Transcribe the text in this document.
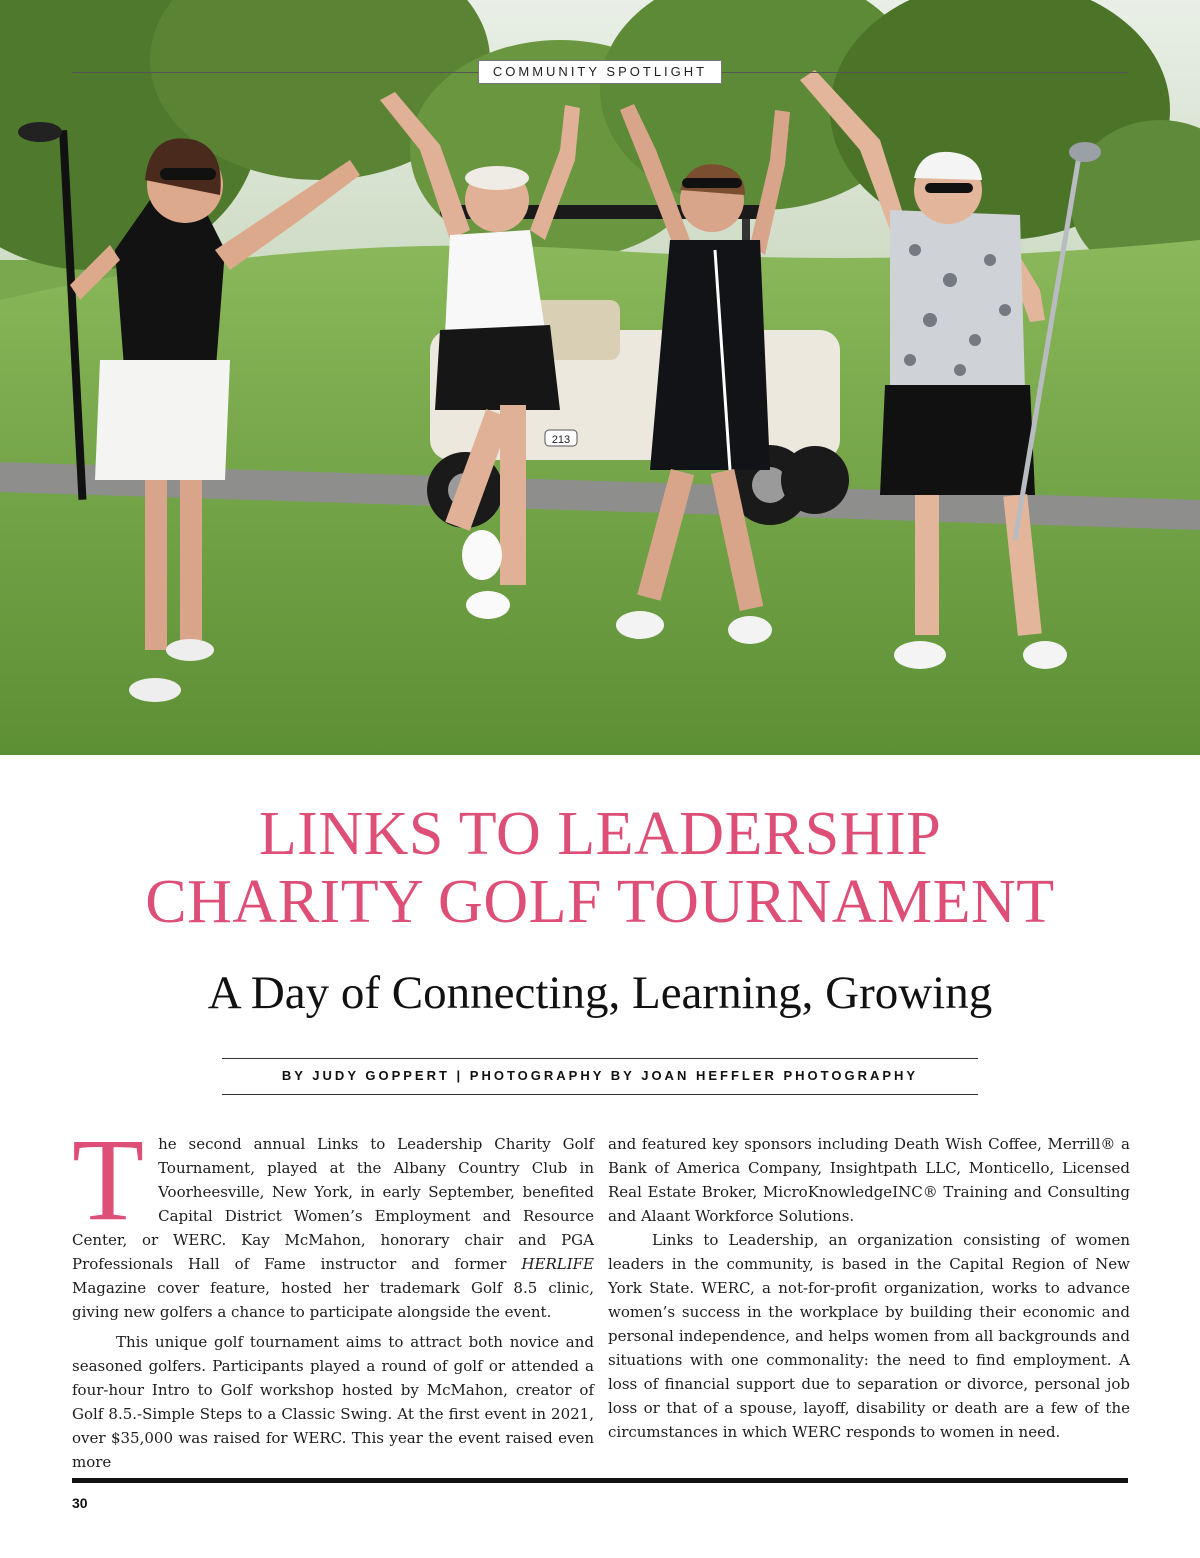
213
COMMUNITY SPOTLIGHT
LINKS TO LEADERSHIP
CHARITY GOLF TOURNAMENT
A Day of Connecting, Learning, Growing
BY JUDY GOPPERT | PHOTOGRAPHY BY JOAN HEFFLER PHOTOGRAPHY

The second annual Links to Leadership Charity Golf Tournament, played at the Albany Country Club in Voorheesville, New York, in early September, benefited Capital District Women’s Employment and Resource Center, or WERC. Kay McMahon, honorary chair and PGA Professionals Hall of Fame instructor and former HERLIFE Magazine cover feature, hosted her trademark Golf 8.5 clinic, giving new golfers a chance to participate alongside the event.

This unique golf tournament aims to attract both novice and seasoned golfers. Participants played a round of golf or attended a four-hour Intro to Golf workshop hosted by McMahon, creator of Golf 8.5.-Simple Steps to a Classic Swing. At the first event in 2021, over $35,000 was raised for WERC. This year the event raised even more

and featured key sponsors including Death Wish Coffee, Merrill® a Bank of America Company, Insightpath LLC, Monticello, Licensed Real Estate Broker, MicroKnowledgeINC® Training and Consulting and Alaant Workforce Solutions.

Links to Leadership, an organization consisting of women leaders in the community, is based in the Capital Region of New York State. WERC, a not-for-profit organization, works to advance women’s success in the workplace by building their economic and personal independence, and helps women from all backgrounds and situations with one commonality: the need to find employment. A loss of financial support due to separation or divorce, personal job loss or that of a spouse, layoff, disability or death are a few of the circumstances in which WERC responds to women in need.

30
